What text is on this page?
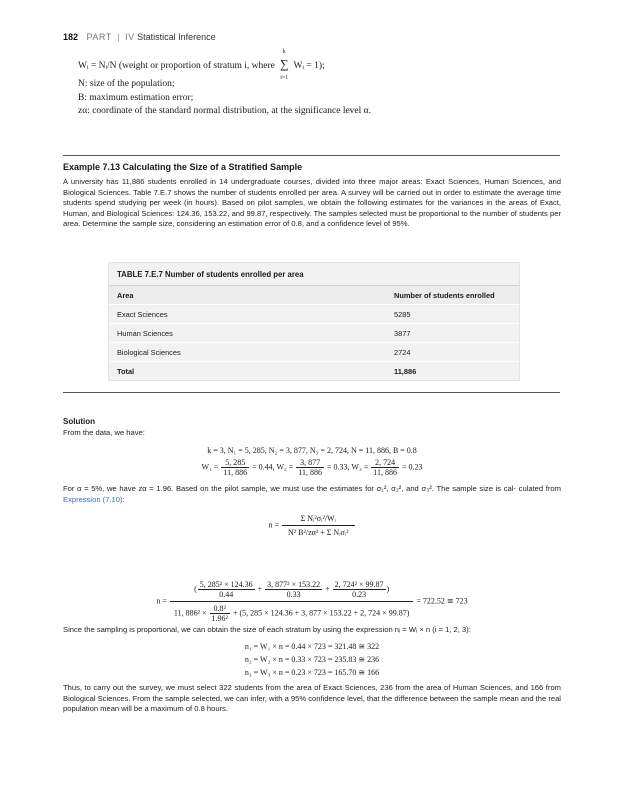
182 PART | IV Statistical Inference
Wᵢ = Nᵢ/N (weight or proportion of stratum i, where
k
∑
i=1
Wᵢ = 1);
N: size of the population;
B: maximum estimation error;
zα: coordinate of the standard normal distribution, at the significance level α.
Example 7.13 Calculating the Size of a Stratified Sample
A university has 11,886 students enrolled in 14 undergraduate courses, divided into three major areas: Exact Sciences, Human Sciences, and Biological Sciences. Table 7.E.7 shows the number of students enrolled per area. A survey will be carried out in order to estimate the average time students spend studying per week (in hours). Based on pilot samples, we obtain the following estimates for the variances in the areas of Exact, Human, and Biological Sciences: 124.36, 153.22, and 99.87, respectively. The samples selected must be proportional to the number of students per area. Determine the sample size, considering an estimation error of 0.8, and a confidence level of 95%.
TABLE 7.E.7 Number of students enrolled per area
Area	Number of students enrolled
Exact Sciences	5285
Human Sciences	3877
Biological Sciences	2724
Total	11,886
Solution
From the data, we have:
k = 3, N₁ = 5, 285, N₂ = 3, 877, N₃ = 2, 724, N = 11, 886, B = 0.8
$W_1 = \frac{5, 285}{11, 886} = 0.44$, $W_2 = \frac{3, 877}{11, 886} = 0.33$, $W_3 = \frac{2, 724}{11, 886} = 0.23$
For α = 5%, we have zα = 1.96. Based on the pilot sample, we must use the estimates for σ₁², σ₂², and σ₃². The sample size is cal- culated from Expression (7.10):
$n = \frac{\text{Σ Nᵢ²σᵢ²/Wᵢ}}{\text{N² B²/zα² + Σ Nᵢσᵢ²}}$
n =
( $\frac{\text{5, 285² × 124.36}}{0.44} + \frac{\text{3, 877² × 153.22}}{0.33} + \frac{\text{2, 724² × 99.87}}{0.23}$ )
11, $886^2 \times \frac{\text{0.8²}}{\text{1.96²}} + (5$, 285 × 124.36 + 3, 877 × 153.22 + 2, 724 × 99.87)
= 722.52 ≅ 723
Since the sampling is proportional, we can obtain the size of each stratum by using the expression nᵢ = Wᵢ × n (i = 1, 2, 3):
n₁ = W₁ × n = 0.44 × 723 = 321.48 ≅ 322
n₂ = W₂ × n = 0.33 × 723 = 235.83 ≅ 236
n₃ = W₃ × n = 0.23 × 723 = 165.70 ≅ 166
Thus, to carry out the survey, we must select 322 students from the area of Exact Sciences, 236 from the area of Human Sciences, and 166 from Biological Sciences. From the sample selected, we can infer, with a 95% confidence level, that the difference between the sample mean and the real population mean will be a maximum of 0.8 hours.
